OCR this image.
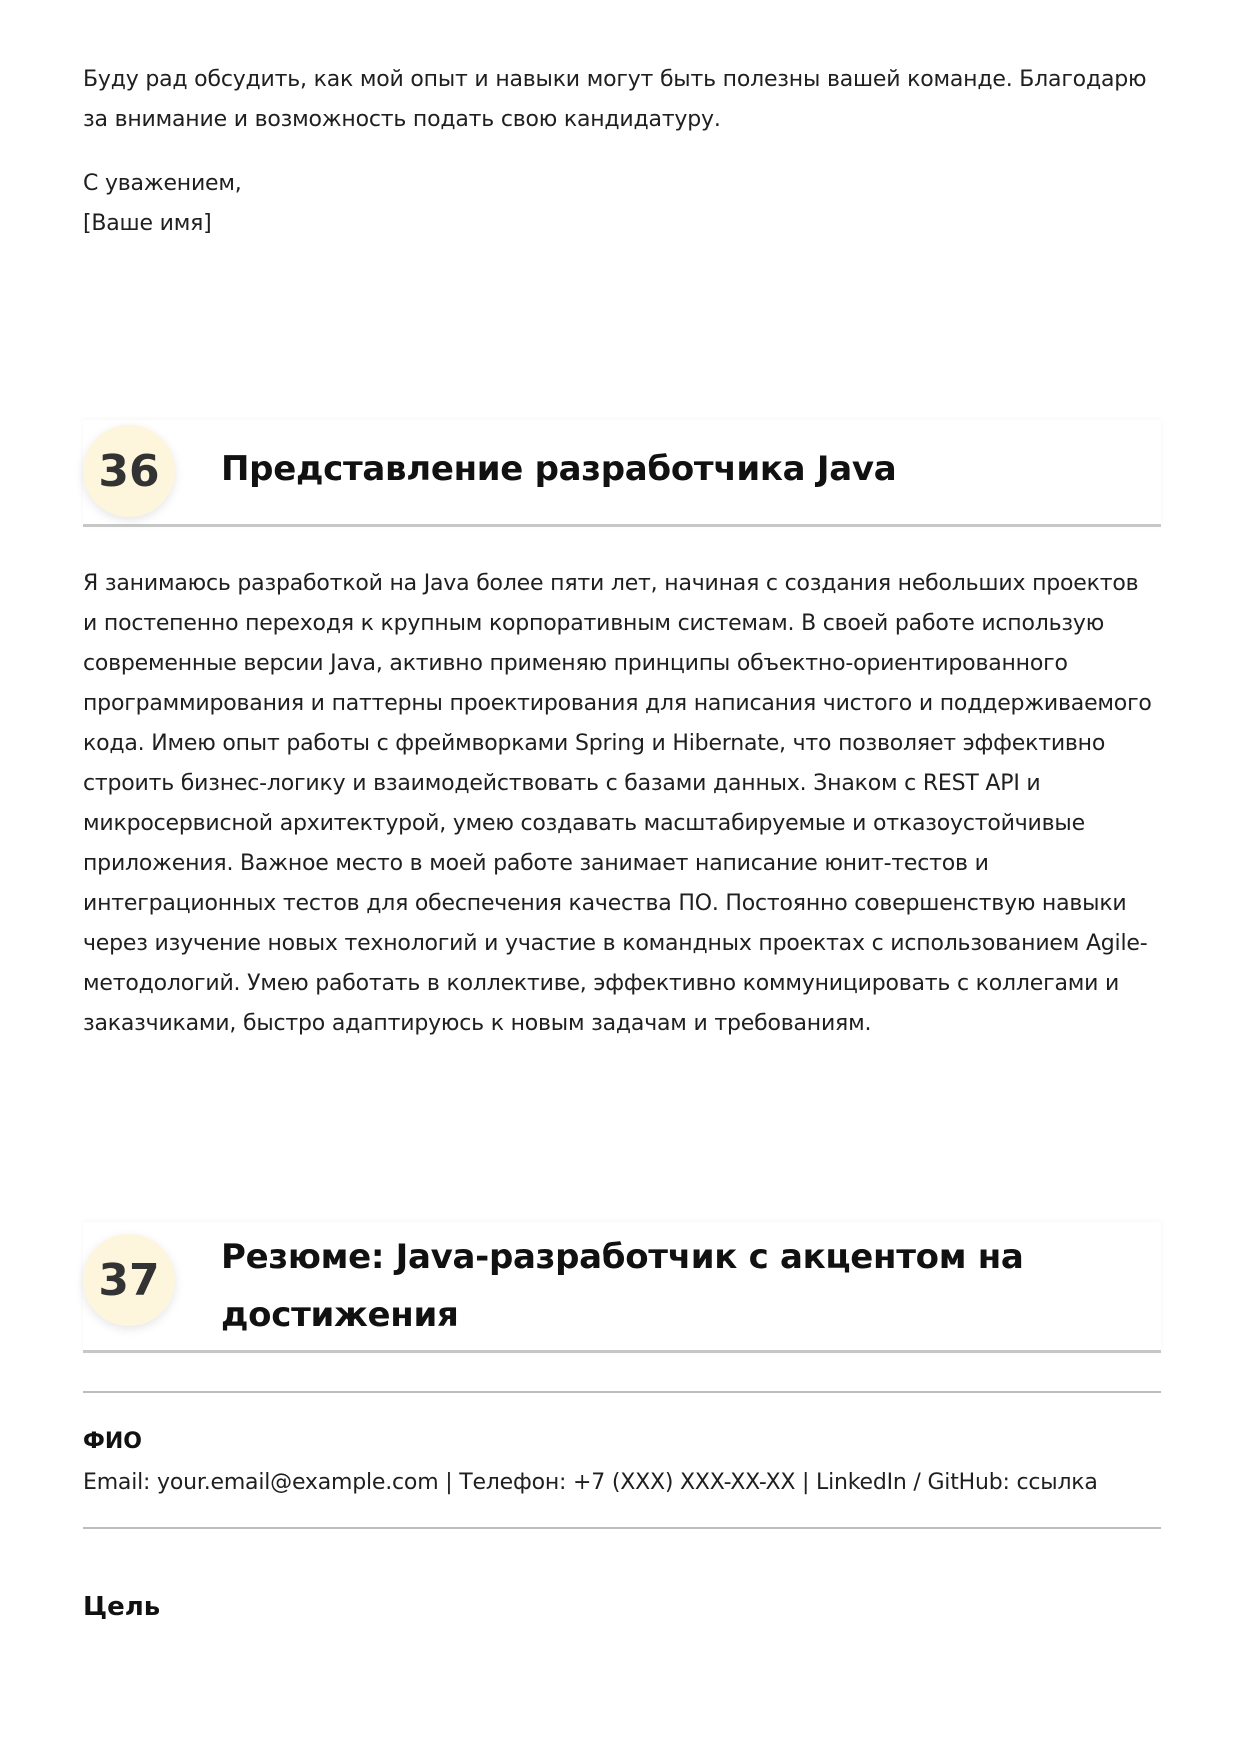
Буду рад обсудить, как мой опыт и навыки могут быть полезны вашей команде. Благодарю
за внимание и возможность подать свою кандидатуру.

С уважением,
[Ваше имя]

36	Представление разработчика Java
Я занимаюсь разработкой на Java более пяти лет, начиная с создания небольших проектов
и постепенно переходя к крупным корпоративным системам. В своей работе использую
современные версии Java, активно применяю принципы объектно-ориентированного
программирования и паттерны проектирования для написания чистого и поддерживаемого
кода. Имею опыт работы с фреймворками Spring и Hibernate, что позволяет эффективно
строить бизнес-логику и взаимодействовать с базами данных. Знаком с REST API и
микросервисной архитектурой, умею создавать масштабируемые и отказоустойчивые
приложения. Важное место в моей работе занимает написание юнит-тестов и
интеграционных тестов для обеспечения качества ПО. Постоянно совершенствую навыки
через изучение новых технологий и участие в командных проектах с использованием Agile-
методологий. Умею работать в коллективе, эффективно коммуницировать с коллегами и
заказчиками, быстро адаптируюсь к новым задачам и требованиям.
37	Резюме: Java-разработчик с акцентом на
достижения

ФИО

Email: your.email@example.com | Телефон: +7 (XXX) XXX-XX-XX | LinkedIn / GitHub: ссылка

Цель
